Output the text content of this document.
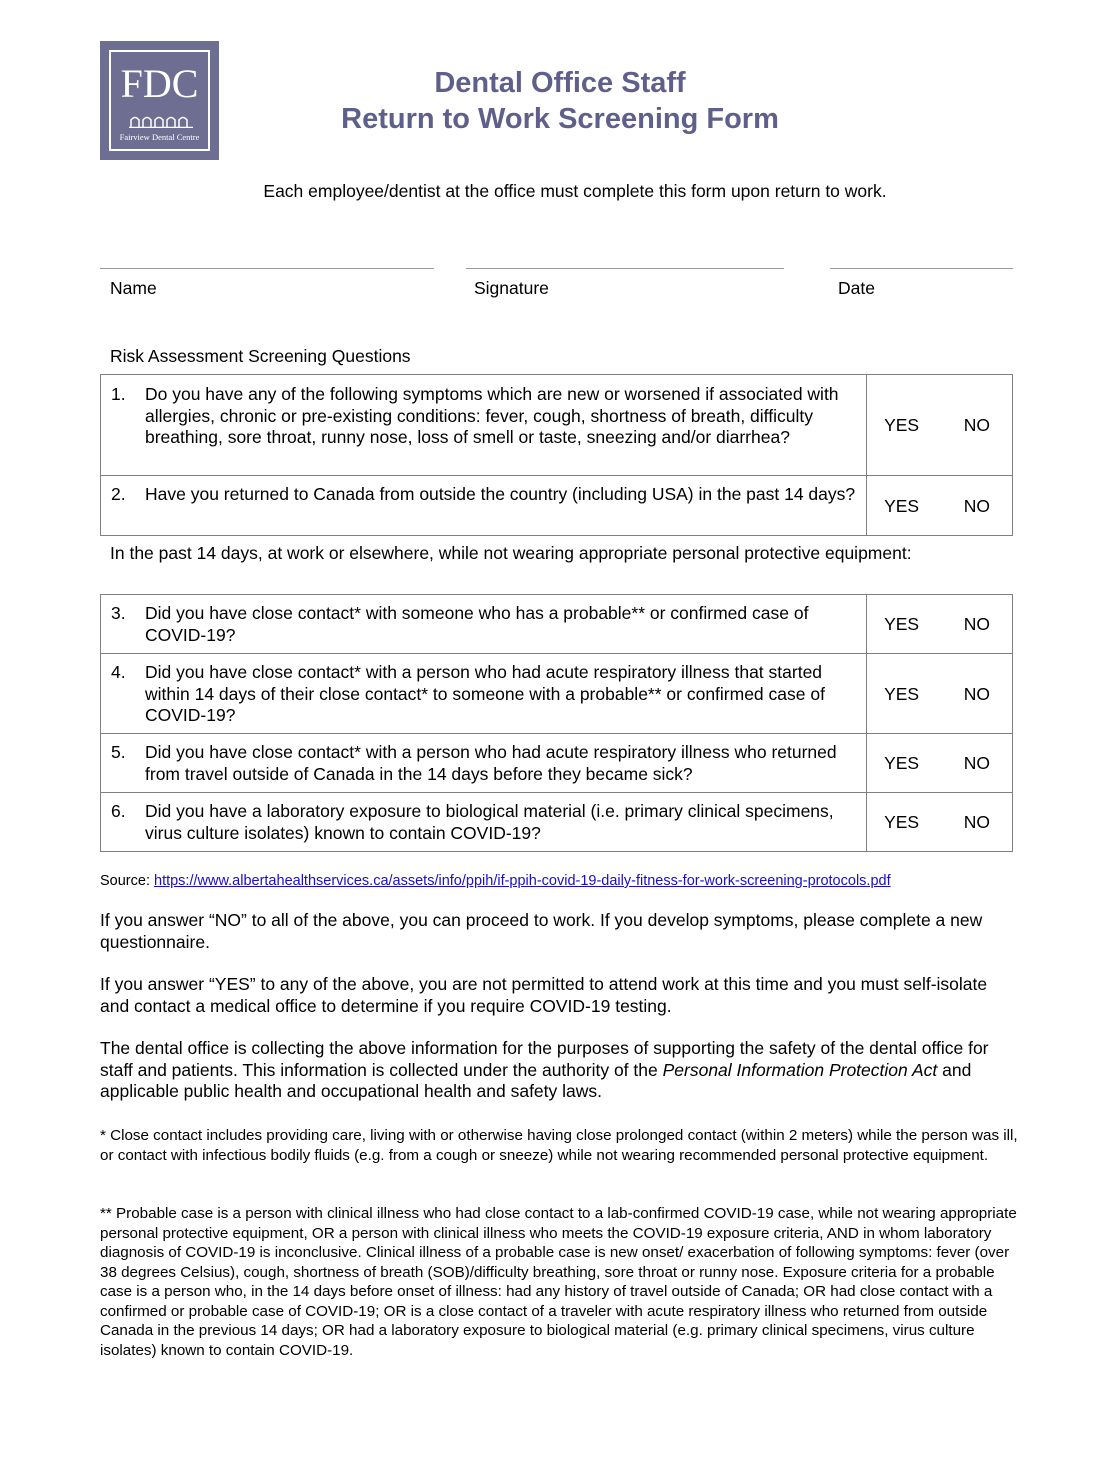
FDC
Fairview Dental Centre
Dental Office Staff
Return to Work Screening Form
Each employee/dentist at the office must complete this form upon return to work.
Name	Signature	Date
Risk Assessment Screening Questions
1. Do you have any of the following symptoms which are new or worsened if associated with allergies, chronic or pre-existing conditions: fever, cough, shortness of breath, difficulty breathing, sore throat, runny nose, loss of smell or taste, sneezing and/or diarrhea?	YES NO

2. Have you returned to Canada from outside the country (including USA) in the past 14 days?	YES NO
In the past 14 days, at work or elsewhere, while not wearing appropriate personal protective equipment:
3. Did you have close contact* with someone who has a probable** or confirmed case of COVID-19?	YES NO

4. Did you have close contact* with a person who had acute respiratory illness that started within 14 days of their close contact* to someone with a probable** or confirmed case of COVID-19?	YES NO

5. Did you have close contact* with a person who had acute respiratory illness who returned from travel outside of Canada in the 14 days before they became sick?	YES NO

6. Did you have a laboratory exposure to biological material (i.e. primary clinical specimens, virus culture isolates) known to contain COVID-19?	YES NO
Source: https://www.albertahealthservices.ca/assets/info/ppih/if-ppih-covid-19-daily-fitness-for-work-screening-protocols.pdf
If you answer “NO” to all of the above, you can proceed to work. If you develop symptoms, please complete a new questionnaire.
If you answer “YES” to any of the above, you are not permitted to attend work at this time and you must self-isolate and contact a medical office to determine if you require COVID-19 testing.
The dental office is collecting the above information for the purposes of supporting the safety of the dental office for staff and patients. This information is collected under the authority of the Personal Information Protection Act and applicable public health and occupational health and safety laws.
* Close contact includes providing care, living with or otherwise having close prolonged contact (within 2 meters) while the person was ill, or contact with infectious bodily fluids (e.g. from a cough or sneeze) while not wearing recommended personal protective equipment.
** Probable case is a person with clinical illness who had close contact to a lab-confirmed COVID-19 case, while not wearing appropriate personal protective equipment, OR a person with clinical illness who meets the COVID-19 exposure criteria, AND in whom laboratory diagnosis of COVID-19 is inconclusive. Clinical illness of a probable case is new onset/ exacerbation of following symptoms: fever (over 38 degrees Celsius), cough, shortness of breath (SOB)/difficulty breathing, sore throat or runny nose. Exposure criteria for a probable case is a person who, in the 14 days before onset of illness: had any history of travel outside of Canada; OR had close contact with a confirmed or probable case of COVID-19; OR is a close contact of a traveler with acute respiratory illness who returned from outside Canada in the previous 14 days; OR had a laboratory exposure to biological material (e.g. primary clinical specimens, virus culture isolates) known to contain COVID-19.
